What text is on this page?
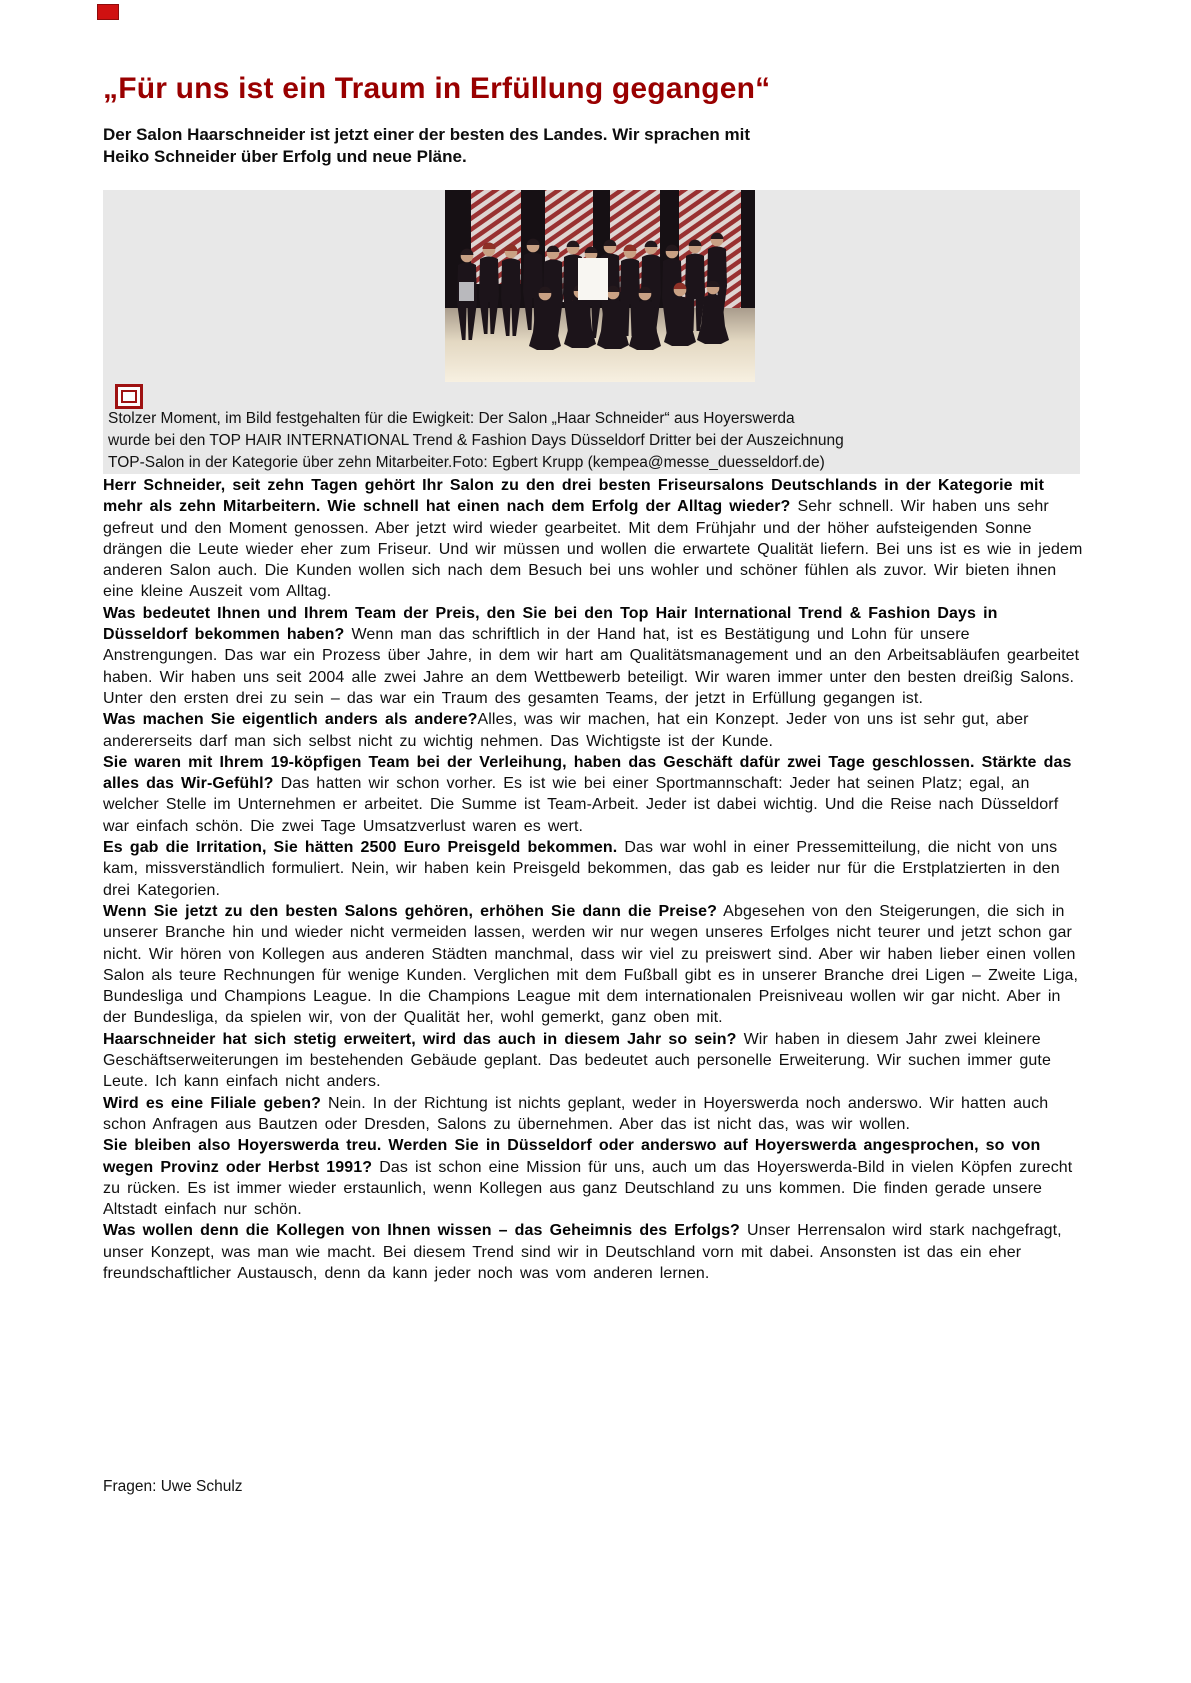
„Für uns ist ein Traum in Erfüllung gegangen“
Der Salon Haarschneider ist jetzt einer der besten des Landes. Wir sprachen mit
Heiko Schneider über Erfolg und neue Pläne.
Stolzer Moment, im Bild festgehalten für die Ewigkeit: Der Salon „Haar Schneider“ aus Hoyerswerda
wurde bei den TOP HAIR INTERNATIONAL Trend & Fashion Days Düsseldorf Dritter bei der Auszeichnung
TOP-Salon in der Kategorie über zehn Mitarbeiter.Foto: Egbert Krupp (kempea@messe_duesseldorf.de)

Herr Schneider, seit zehn Tagen gehört Ihr Salon zu den drei besten Friseursalons Deutschlands in der Kategorie mit mehr als zehn Mitarbeitern. Wie schnell hat einen nach dem Erfolg der Alltag wieder? Sehr schnell. Wir haben uns sehr gefreut und den Moment genossen. Aber jetzt wird wieder gearbeitet. Mit dem Frühjahr und der höher aufsteigenden Sonne drängen die Leute wieder eher zum Friseur. Und wir müssen und wollen die erwartete Qualität liefern. Bei uns ist es wie in jedem anderen Salon auch. Die Kunden wollen sich nach dem Besuch bei uns wohler und schöner fühlen als zuvor. Wir bieten ihnen eine kleine Auszeit vom Alltag.

Was bedeutet Ihnen und Ihrem Team der Preis, den Sie bei den Top Hair International Trend & Fashion Days in Düsseldorf bekommen haben? Wenn man das schriftlich in der Hand hat, ist es Bestätigung und Lohn für unsere Anstrengungen. Das war ein Prozess über Jahre, in dem wir hart am Qualitätsmanagement und an den Arbeitsabläufen gearbeitet haben. Wir haben uns seit 2004 alle zwei Jahre an dem Wettbewerb beteiligt. Wir waren immer unter den besten dreißig Salons. Unter den ersten drei zu sein – das war ein Traum des gesamten Teams, der jetzt in Erfüllung gegangen ist.

Was machen Sie eigentlich anders als andere?Alles, was wir machen, hat ein Konzept. Jeder von uns ist sehr gut, aber andererseits darf man sich selbst nicht zu wichtig nehmen. Das Wichtigste ist der Kunde.

Sie waren mit Ihrem 19-köpfigen Team bei der Verleihung, haben das Geschäft dafür zwei Tage geschlossen. Stärkte das alles das Wir-Gefühl? Das hatten wir schon vorher. Es ist wie bei einer Sportmannschaft: Jeder hat seinen Platz; egal, an welcher Stelle im Unternehmen er arbeitet. Die Summe ist Team-Arbeit. Jeder ist dabei wichtig. Und die Reise nach Düsseldorf war einfach schön. Die zwei Tage Umsatzverlust waren es wert.

Es gab die Irritation, Sie hätten 2500 Euro Preisgeld bekommen. Das war wohl in einer Pressemitteilung, die nicht von uns kam, missverständlich formuliert. Nein, wir haben kein Preisgeld bekommen, das gab es leider nur für die Erstplatzierten in den drei Kategorien.

Wenn Sie jetzt zu den besten Salons gehören, erhöhen Sie dann die Preise? Abgesehen von den Steigerungen, die sich in unserer Branche hin und wieder nicht vermeiden lassen, werden wir nur wegen unseres Erfolges nicht teurer und jetzt schon gar nicht. Wir hören von Kollegen aus anderen Städten manchmal, dass wir viel zu preiswert sind. Aber wir haben lieber einen vollen Salon als teure Rechnungen für wenige Kunden. Verglichen mit dem Fußball gibt es in unserer Branche drei Ligen – Zweite Liga, Bundesliga und Champions League. In die Champions League mit dem internationalen Preisniveau wollen wir gar nicht. Aber in der Bundesliga, da spielen wir, von der Qualität her, wohl gemerkt, ganz oben mit.

Haarschneider hat sich stetig erweitert, wird das auch in diesem Jahr so sein? Wir haben in diesem Jahr zwei kleinere Geschäftserweiterungen im bestehenden Gebäude geplant. Das bedeutet auch personelle Erweiterung. Wir suchen immer gute Leute. Ich kann einfach nicht anders.

Wird es eine Filiale geben? Nein. In der Richtung ist nichts geplant, weder in Hoyerswerda noch anderswo. Wir hatten auch schon Anfragen aus Bautzen oder Dresden, Salons zu übernehmen. Aber das ist nicht das, was wir wollen.

Sie bleiben also Hoyerswerda treu. Werden Sie in Düsseldorf oder anderswo auf Hoyerswerda angesprochen, so von wegen Provinz oder Herbst 1991? Das ist schon eine Mission für uns, auch um das Hoyerswerda-Bild in vielen Köpfen zurecht zu rücken. Es ist immer wieder erstaunlich, wenn Kollegen aus ganz Deutschland zu uns kommen. Die finden gerade unsere Altstadt einfach nur schön.

Was wollen denn die Kollegen von Ihnen wissen – das Geheimnis des Erfolgs? Unser Herrensalon wird stark nachgefragt, unser Konzept, was man wie macht. Bei diesem Trend sind wir in Deutschland vorn mit dabei. Ansonsten ist das ein eher freundschaftlicher Austausch, denn da kann jeder noch was vom anderen lernen.

Fragen: Uwe Schulz
